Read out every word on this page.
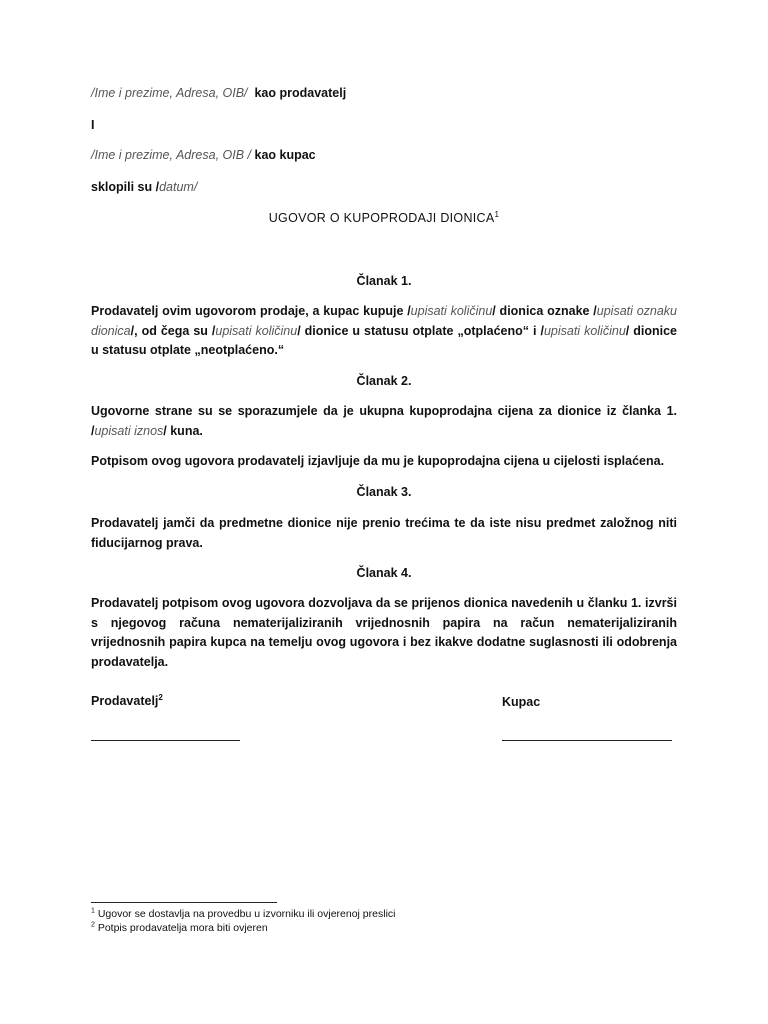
/Ime i prezime, Adresa, OIB/ kao prodavatelj
I
/Ime i prezime, Adresa, OIB / kao kupac
sklopili su /datum/
UGOVOR O KUPOPRODAJI DIONICA$^1$
Članak 1.
Prodavatelj ovim ugovorom prodaje, a kupac kupuje /upisati količinu/ dionica oznake /upisati oznaku dionica/, od čega su /upisati količinu/ dionice u statusu otplate „otplaćeno“ i /upisati količinu/ dionice u statusu otplate „neotplaćeno.“
Članak 2.
Ugovorne strane su se sporazumjele da je ukupna kupoprodajna cijena za dionice iz članka 1. /upisati iznos/ kuna.
Potpisom ovog ugovora prodavatelj izjavljuje da mu je kupoprodajna cijena u cijelosti isplaćena.
Članak 3.
Prodavatelj jamči da predmetne dionice nije prenio trećima te da iste nisu predmet založnog niti fiducijarnog prava.
Članak 4.
Prodavatelj potpisom ovog ugovora dozvoljava da se prijenos dionica navedenih u članku 1. izvrši s njegovog računa nematerijaliziranih vrijednosnih papira na račun nematerijaliziranih vrijednosnih papira kupca na temelju ovog ugovora i bez ikakve dodatne suglasnosti ili odobrenja prodavatelja.
Prodavatelj$^2$	Kupac
$^1$ Ugovor se dostavlja na provedbu u izvorniku ili ovjerenoj preslici
$^2$ Potpis prodavatelja mora biti ovjeren
